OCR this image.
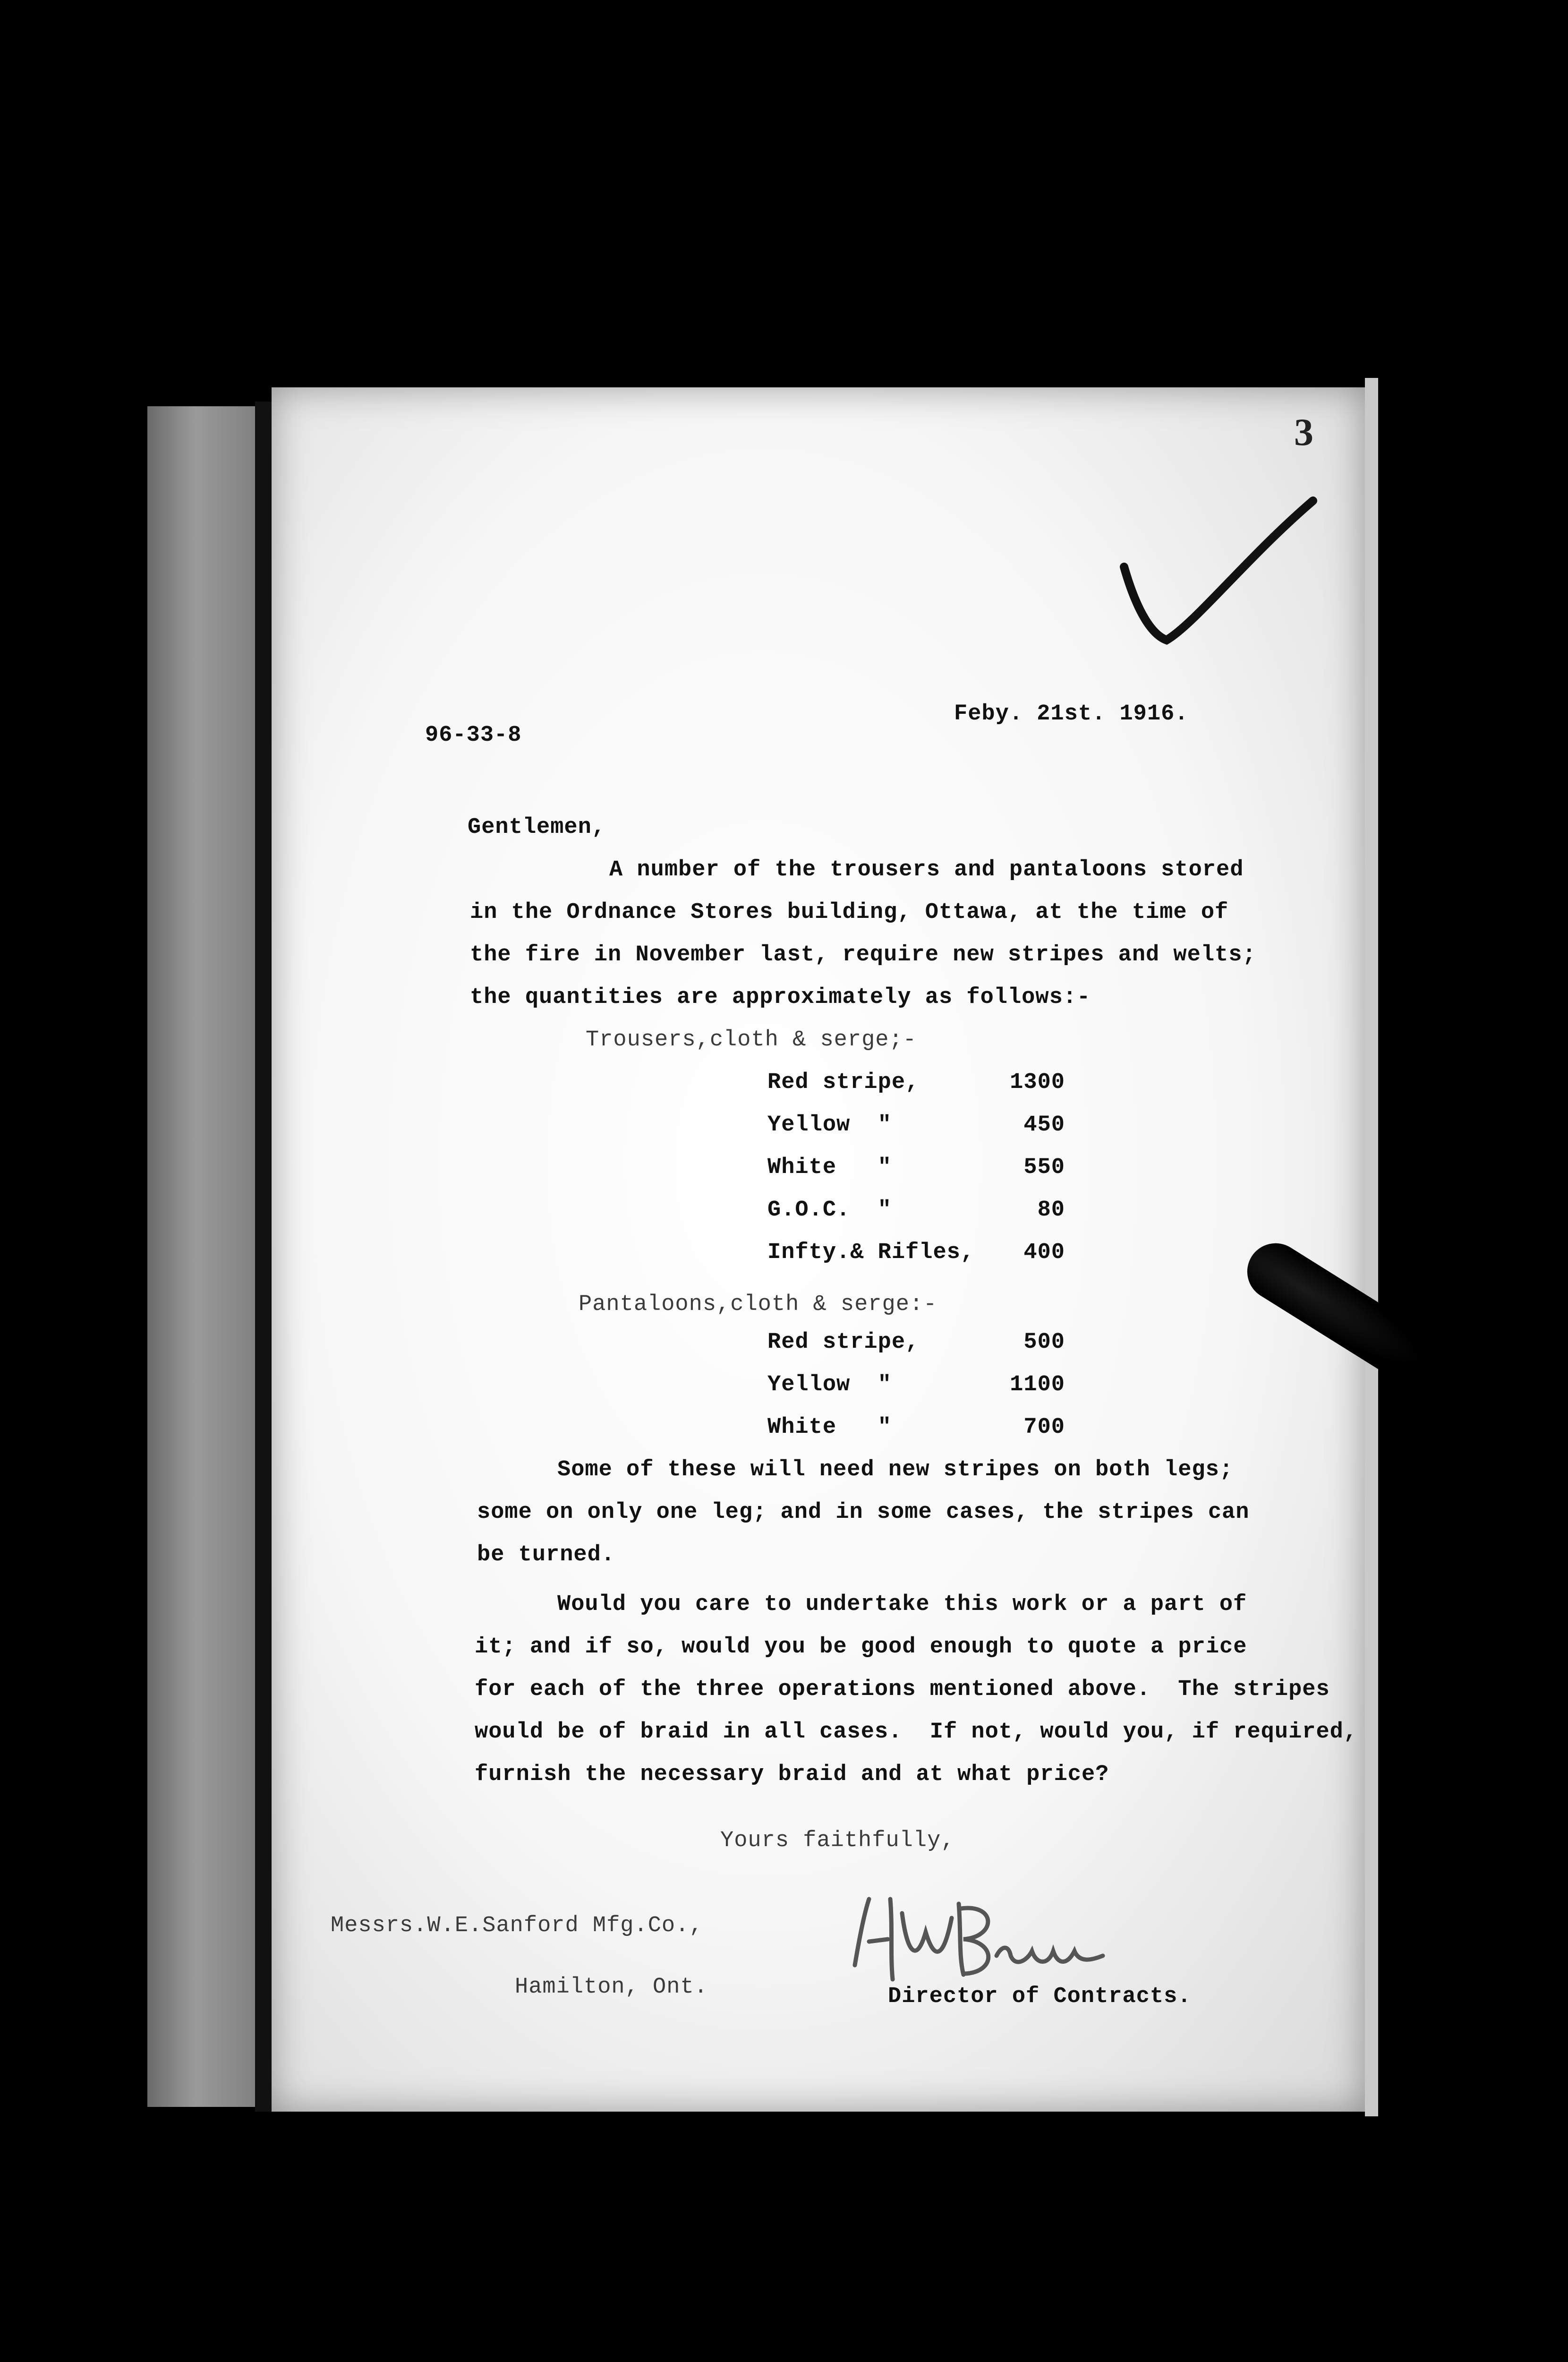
3
96-33-8
Feby. 21st. 1916.
Gentlemen,
A number of the trousers and pantaloons stored
in the Ordnance Stores building, Ottawa, at the time of
the fire in November last, require new stripes and welts;
the quantities are approximately as follows:-
Trousers,cloth & serge;-
Red stripe,	1300
Yellow  "	450
White   "	550
G.O.C.  "	80
Infty.& Rifles,	400
Pantaloons,cloth & serge:-
Red stripe,	500
Yellow  "	1100
White   "	700
Some of these will need new stripes on both legs;
some on only one leg; and in some cases, the stripes can
be turned.
Would you care to undertake this work or a part of
it; and if so, would you be good enough to quote a price
for each of the three operations mentioned above.  The stripes
would be of braid in all cases.  If not, would you, if required,
furnish the necessary braid and at what price?
Yours faithfully,
Messrs.W.E.Sanford Mfg.Co.,
Hamilton, Ont.	Director of Contracts.
